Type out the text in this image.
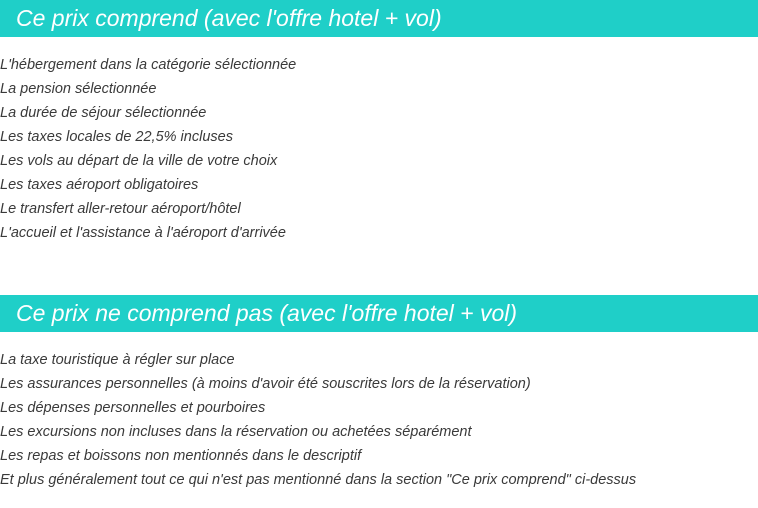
Ce prix comprend (avec l'offre hotel + vol)
L'hébergement dans la catégorie sélectionnée
La pension sélectionnée
La durée de séjour sélectionnée
Les taxes locales de 22,5% incluses
Les vols au départ de la ville de votre choix
Les taxes aéroport obligatoires
Le transfert aller-retour aéroport/hôtel
L'accueil et l'assistance à l'aéroport d'arrivée
Ce prix ne comprend pas (avec l'offre hotel + vol)
La taxe touristique à régler sur place
Les assurances personnelles (à moins d'avoir été souscrites lors de la réservation)
Les dépenses personnelles et pourboires
Les excursions non incluses dans la réservation ou achetées séparément
Les repas et boissons non mentionnés dans le descriptif
Et plus généralement tout ce qui n'est pas mentionné dans la section "Ce prix comprend" ci-dessus
